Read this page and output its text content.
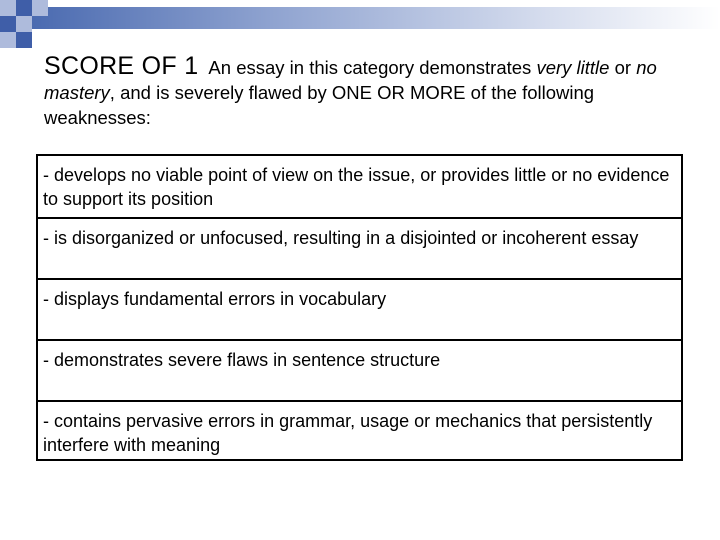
SCORE OF 1 An essay in this category demonstrates very little or no mastery, and is severely flawed by ONE OR MORE of the following weaknesses:
- develops no viable point of view on the issue, or provides little or no evidence to support its position
- is disorganized or unfocused, resulting in a disjointed or incoherent essay
- displays fundamental errors in vocabulary
- demonstrates severe flaws in sentence structure
- contains pervasive errors in grammar, usage or mechanics that persistently interfere with meaning
